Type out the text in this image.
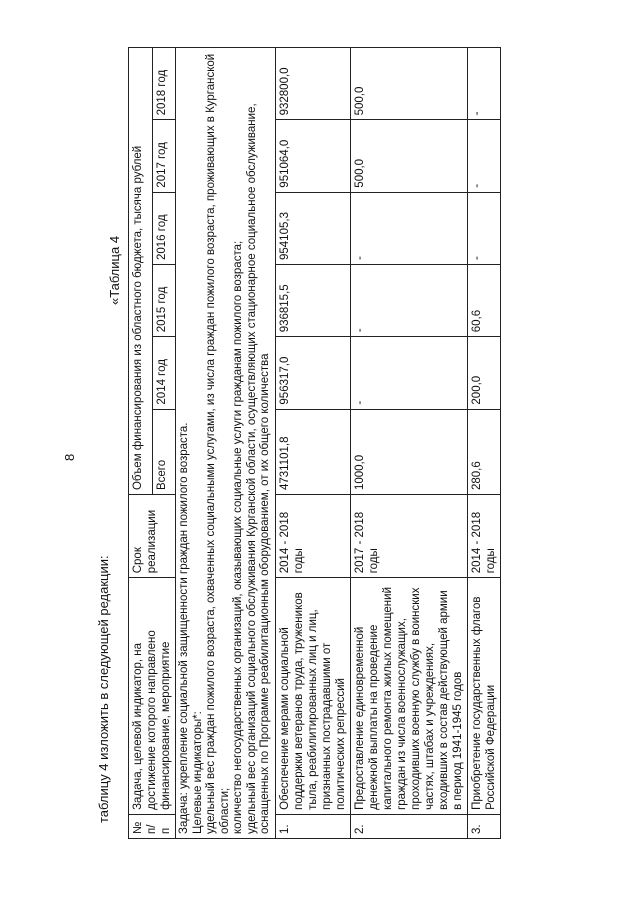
8
таблицу 4 изложить в следующей редакции:
«Таблица 4
№ п/п	Задача, целевой индикатор, на достижение которого направлено финансирование, мероприятие	Срок реализации	Объем финансирования из областного бюджета, тысяча рублей					
			Всего	2014 год	2015 год	2016 год	2017 год	2018 год

Задача: укрепление социальной защищенности граждан пожилого возраста. Целевые индикаторы*: удельный вес граждан пожилого возраста, охваченных социальными услугами, из числа граждан пожилого возраста, проживающих в Курганской области; количество негосударственных организаций, оказывающих социальные услуги гражданам пожилого возраста; удельный вес организаций социального обслуживания Курганской области, осуществляющих стационарное социальное обслуживание, оснащенных по Программе реабилитационным оборудованием, от их общего количества								

1.	Обеспечение мерами социальной поддержки ветеранов труда, тружеников тыла, реабилитированных лиц и лиц, признанных пострадавшими от политических репрессий	2014 - 2018 годы	4731101,8	956317,0	936815,5	954105,3	951064,0	932800,0
2.	Предоставление единовременной денежной выплаты на проведение капитального ремонта жилых помещений граждан из числа военнослужащих, проходивших военную службу в воинских частях, штабах и учреждениях, входивших в состав действующей армии в период 1941-1945 годов	2017 - 2018 годы	1000,0	-	-	-	500,0	500,0
3.	Приобретение государственных флагов Российской Федерации	2014 - 2018 годы	280,6	200,0	60,6	-	-	-
